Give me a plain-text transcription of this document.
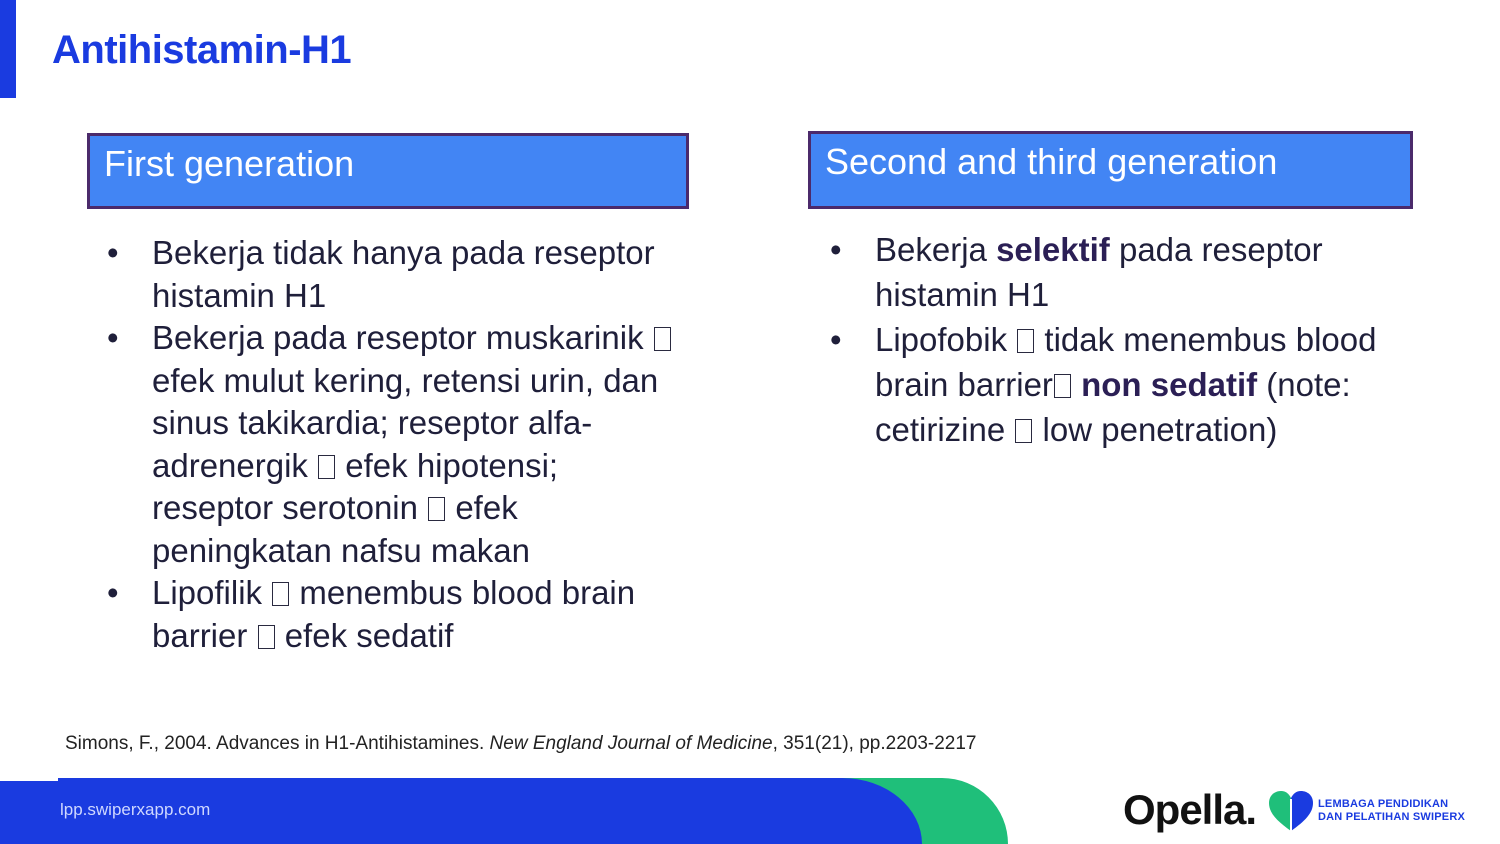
Antihistamin-H1
First generation	Second and third generation
• Bekerja tidak hanya pada reseptor histamin H1
• Bekerja pada reseptor muskarinik  efek mulut kering, retensi urin, dan sinus takikardia; reseptor alfa-adrenergik  efek hipotensi; reseptor serotonin  efek peningkatan nafsu makan
• Lipofilik  menembus blood brain barrier  efek sedatif
• Bekerja selektif pada reseptor histamin H1
• Lipofobik  tidak menembus blood brain barrier non sedatif (note: cetirizine  low penetration)
Simons, F., 2004. Advances in H1-Antihistamines. New England Journal of Medicine, 351(21), pp.2203-2217
lpp.swiperxapp.com	Opella.	LEMBAGA PENDIDIKAN
DAN PELATIHAN SWIPERX
